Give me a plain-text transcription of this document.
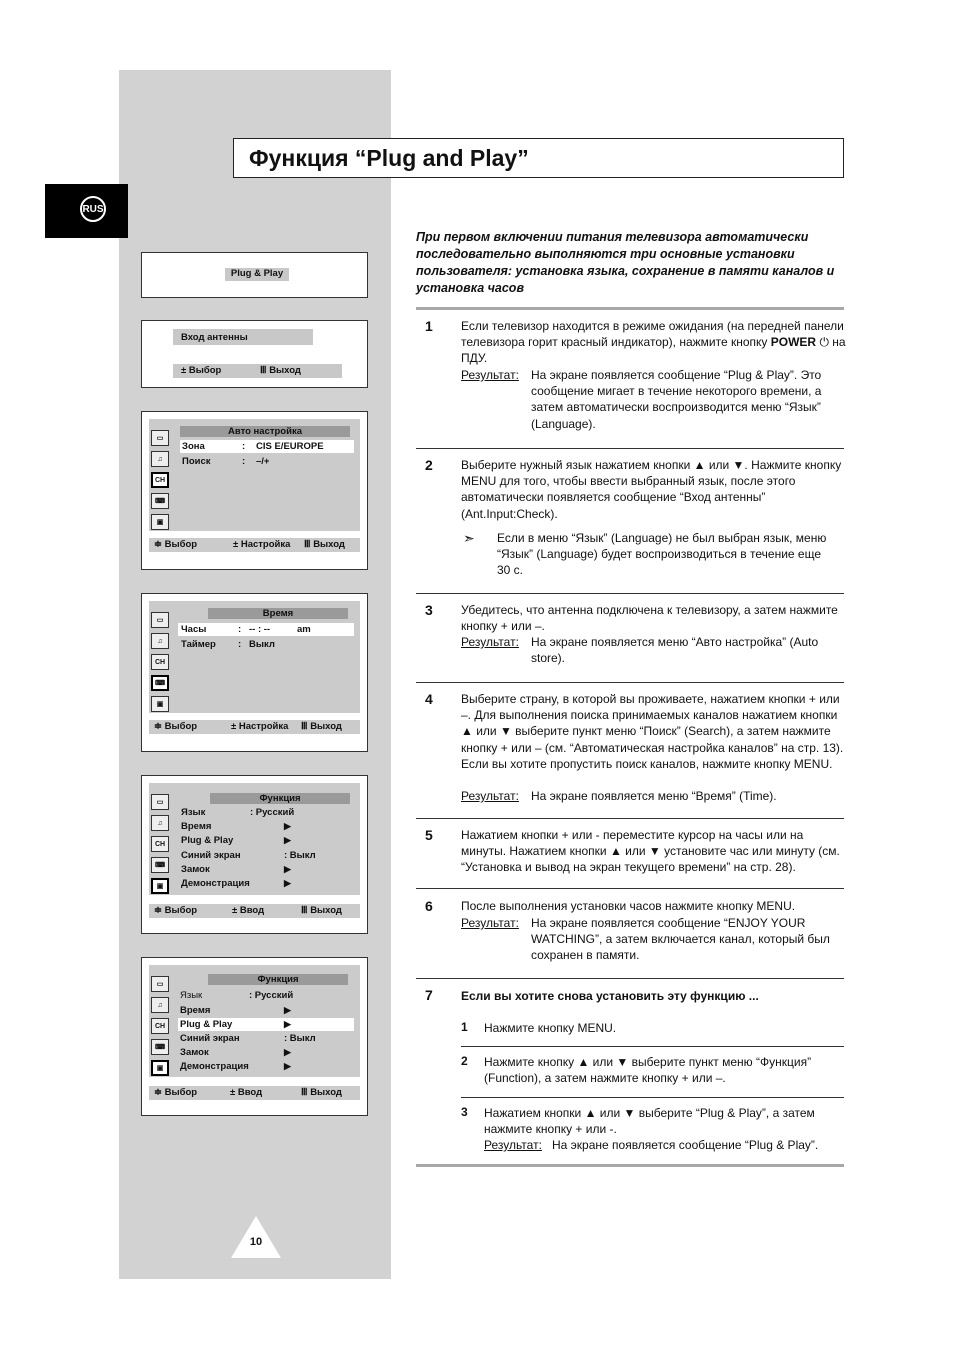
RUS
Функция “Plug and Play”
При первом включении питания телевизора автоматически последовательно выполняются три основные установки пользователя: установка языка, сохранение в памяти каналов и установка часов
1 Если телевизор находится в режиме ожидания (на передней панели телевизора горит красный индикатор), нажмите кнопку POWER ⏻ на ПДУ.
Результат: На экране появляется сообщение “Plug & Play”. Это сообщение мигает в течение некоторого времени, а затем автоматически воспроизводится меню “Язык” (Language).
2 Выберите нужный язык нажатием кнопки ▲ или ▼. Нажмите кнопку MENU для того, чтобы ввести выбранный язык, после этого автоматически появляется сообщение “Вход антенны” (Ant.Input:Check).
➣ Если в меню “Язык” (Language) не был выбран язык, меню “Язык” (Language) будет воспроизводиться в течение еще 30 с.
3 Убедитесь, что антенна подключена к телевизору, а затем нажмите кнопку + или –.
Результат: На экране появляется меню “Авто настройка” (Auto store).
4 Выберите страну, в которой вы проживаете, нажатием кнопки + или –. Для выполнения поиска принимаемых каналов нажатием кнопки ▲ или ▼ выберите пункт меню “Поиск” (Search), а затем нажмите кнопку + или – (см. “Автоматическая настройка каналов” на стр. 13). Если вы хотите пропустить поиск каналов, нажмите кнопку MENU.
Результат: На экране появляется меню “Время” (Time).
5 Нажатием кнопки + или - переместите курсор на часы или на минуты. Нажатием кнопки ▲ или ▼ установите час или минуту (см. “Установка и вывод на экран текущего времени” на стр. 28).
6 После выполнения установки часов нажмите кнопку MENU.
Результат: На экране появляется сообщение “ENJOY YOUR WATCHING”, а затем включается канал, который был сохранен в памяти.
7 Если вы хотите снова установить эту функцию ...
1 Нажмите кнопку MENU.
2 Нажмите кнопку ▲ или ▼ выберите пункт меню “Функция” (Function), а затем нажмите кнопку + или –.
3 Нажатием кнопки ▲ или ▼ выберите “Plug & Play”, а затем нажмите кнопку + или -.
Результат: На экране появляется сообщение “Plug & Play”.
Plug & Play
Вход антенны
± Выбор	Ⅲ Выход
▭
♫
CH
⌨
▣
Авто настройка
Зона	: CIS E/EUROPE
Поиск	: –/+
≑ Выбор	± Настройка Ⅲ Выход
▭
♫
CH
⌨
▣
Время
Часы	: -- : --	am
Таймер : Выкл
≑ Выбор	± Настройка Ⅲ Выход
▭
♫
CH
⌨
▣
Функция
Язык	: Русский
Время	▶
Plug & Play	▶
Синий экран	: Выкл
Замок	▶
Демонстрация	▶
≑ Выбор	± Ввод	Ⅲ Выход
▭
♫
CH
⌨
▣
Функция
Язык	: Русский
Время	▶
Plug & Play	▶
Синий экран	: Выкл
Замок	▶
Демонстрация	▶
≑ Выбор	± Ввод	Ⅲ Выход
10
